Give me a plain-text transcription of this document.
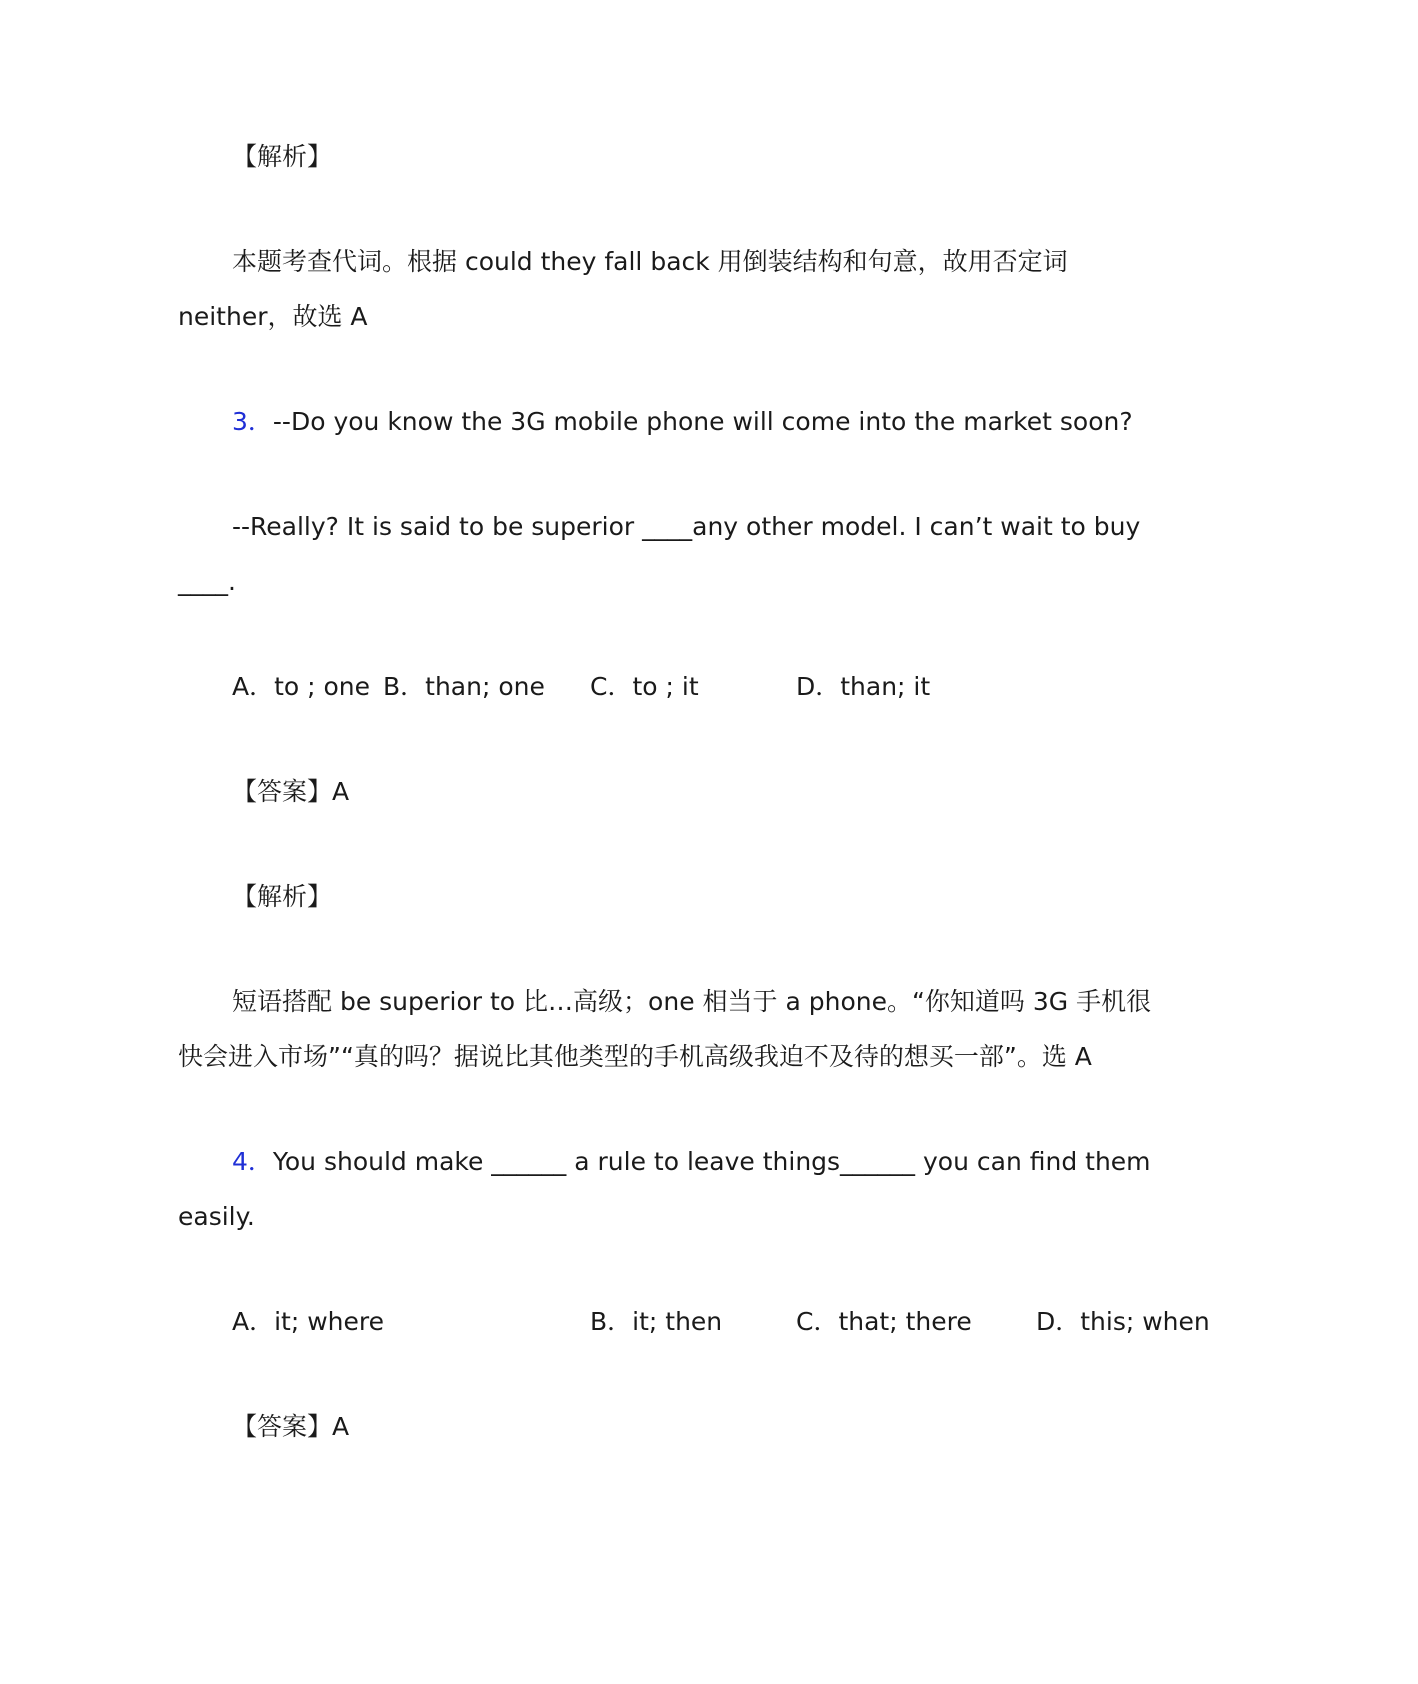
【解析】
本题考查代词。根据 could they fall back 用倒装结构和句意，故用否定词
neither，故选 A
3．--Do you know the 3G mobile phone will come into the market soon?
--Really? It is said to be superior ____any other model. I can’t wait to buy
____.
A．to ; one B．than; one C．to ; it	D．than; it
【答案】A
【解析】
短语搭配 be superior to 比…高级；one 相当于 a phone。“你知道吗 3G 手机很
快会进入市场”“真的吗？据说比其他类型的手机高级我迫不及待的想买一部”。选 A
4．You should make ______ a rule to leave things______ you can find them
easily.
A．it; where	B．it; then	C．that; there	D．this; when
【答案】A
